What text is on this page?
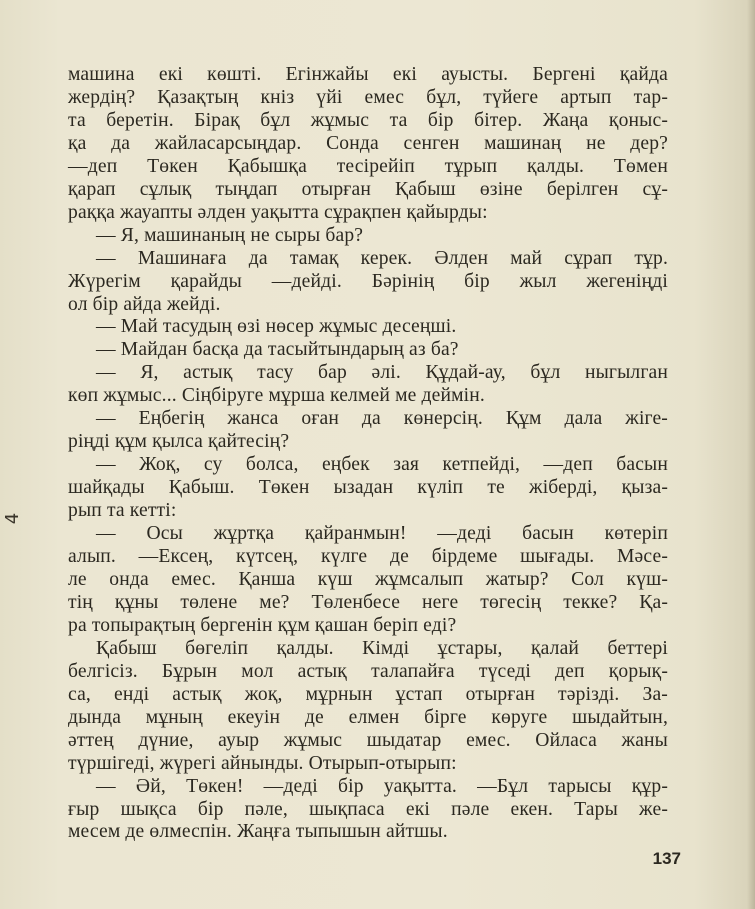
машина екі көшті. Егінжайы екі ауысты. Бергені қайда
жердің? Қазақтың кніз үйі емес бұл, түйеге артып тар-
та беретін. Бірақ бұл жұмыс та бір бітер. Жаңа қоныс-
қа да жайласарсыңдар. Сонда сенген машинаң не дер?
—деп Төкен Қабышқа тесірейіп тұрып қалды. Төмен
қарап сұлық тыңдап отырған Қабыш өзіне берілген сұ-
раққа жауапты әлден уақытта сұрақпен қайырды:
— Я, машинаның не сыры бар?
— Машинаға да тамақ керек. Әлден май сұрап тұр.
Жүрегім қарайды —дейді. Бәрінің бір жыл жегеніңді
ол бір айда жейді.
— Май тасудың өзі нөсер жұмыс десеңші.
— Майдан басқа да тасыйтындарың аз ба?
— Я, астық тасу бар әлі. Құдай-ау, бұл ныгылган
көп жұмыс... Сіңбіруге мұрша келмей ме деймін.
— Еңбегің жанса оған да көнерсің. Құм дала жіге-
ріңді құм қылса қайтесің?
— Жоқ, су болса, еңбек зая кетпейді, —деп басын
шайқады Қабыш. Төкен ызадан күліп те жіберді, қыза-
рып та кетті:
— Осы жұртқа қайранмын! —деді басын көтеріп
алып. —Ексең, күтсең, күлге де бірдеме шығады. Мәсе-
ле онда емес. Қанша күш жұмсалып жатыр? Сол күш-
тің құны төлене ме? Төленбесе неге төгесің текке? Қа-
ра топырақтың бергенін құм қашан беріп еді?
Қабыш бөгеліп қалды. Кімді ұстары, қалай беттері
белгісіз. Бұрын мол астық талапайға түседі деп қорық-
са, енді астық жоқ, мұрнын ұстап отырған тәрізді. За-
дында мұның екеуін де елмен бірге көруге шыдайтын,
әттең дүние, ауыр жұмыс шыдатар емес. Ойласа жаны
түршігеді, жүрегі айнынды. Отырып-отырып:
— Әй, Төкен! —деді бір уақытта. —Бұл тарысы құр-
ғыр шықса бір пәле, шықпаса екі пәле екен. Тары же-
месем де өлмеспін. Жаңға тыпышын айтшы.
4
137
